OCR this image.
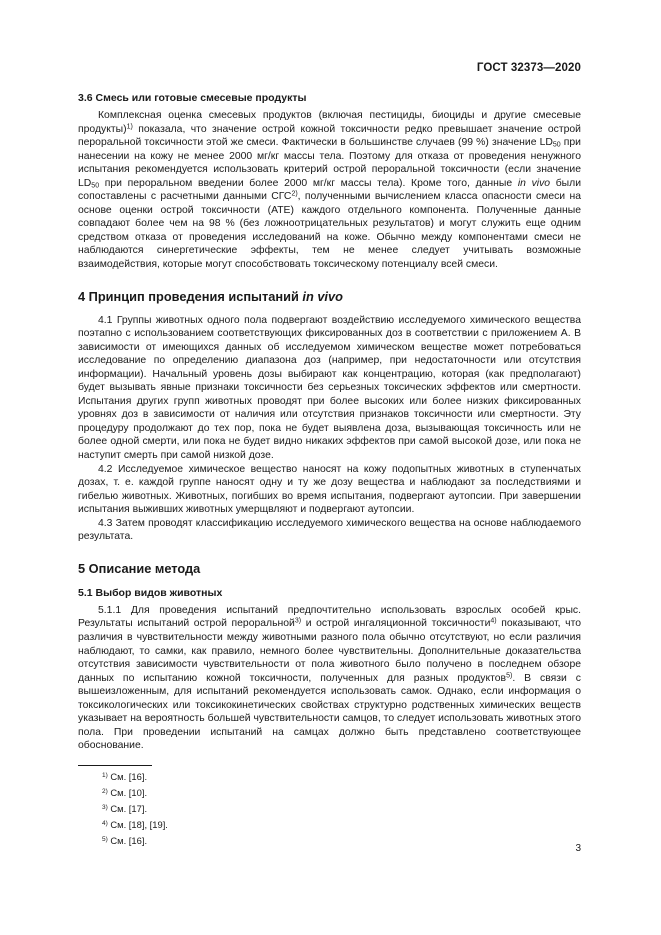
ГОСТ 32373—2020
3.6 Смесь или готовые смесевые продукты

Комплексная оценка смесевых продуктов (включая пестициды, биоциды и другие смесевые продукты)$^{1)}$ показала, что значение острой кожной токсичности редко превышает значение острой пероральной токсичности этой же смеси. Фактически в большинстве случаев (99 %) значение $LD_{50}$ при нанесении на кожу не менее 2000 мг/кг массы тела. Поэтому для отказа от проведения ненужного испытания рекомендуется использовать критерий острой пероральной токсичности (если значение $LD_{50}$ при пероральном введении более 2000 мг/кг массы тела). Кроме того, данные in vivo были сопоставлены с расчетными данными СГС$^{2)}$, полученными вычислением класса опасности смеси на основе оценки острой токсичности (АТЕ) каждого отдельного компонента. Полученные данные совпадают более чем на 98 % (без ложноотрицательных результатов) и могут служить еще одним средством отказа от проведения исследований на коже. Обычно между компонентами смеси не наблюдаются синергетические эффекты, тем не менее следует учитывать возможные взаимодействия, которые могут способствовать токсическому потенциалу всей смеси.

4 Принцип проведения испытаний in vivo

4.1 Группы животных одного пола подвергают воздействию исследуемого химического вещества поэтапно с использованием соответствующих фиксированных доз в соответствии с приложением А. В зависимости от имеющихся данных об исследуемом химическом веществе может потребоваться исследование по определению диапазона доз (например, при недостаточности или отсутствия информации). Начальный уровень дозы выбирают как концентрацию, которая (как предполагают) будет вызывать явные признаки токсичности без серьезных токсических эффектов или смертности. Испытания других групп животных проводят при более высоких или более низких фиксированных уровнях доз в зависимости от наличия или отсутствия признаков токсичности или смертности. Эту процедуру продолжают до тех пор, пока не будет выявлена доза, вызывающая токсичность или не более одной смерти, или пока не будет видно никаких эффектов при самой высокой дозе, или пока не наступит смерть при самой низкой дозе.

4.2 Исследуемое химическое вещество наносят на кожу подопытных животных в ступенчатых дозах, т. е. каждой группе наносят одну и ту же дозу вещества и наблюдают за последствиями и гибелью животных. Животных, погибших во время испытания, подвергают аутопсии. При завершении испытания выживших животных умерщвляют и подвергают аутопсии.

4.3 Затем проводят классификацию исследуемого химического вещества на основе наблюдаемого результата.

5 Описание метода
5.1 Выбор видов животных

5.1.1 Для проведения испытаний предпочтительно использовать взрослых особей крыс. Результаты испытаний острой пероральной$^{3)}$ и острой ингаляционной токсичности$^{4)}$ показывают, что различия в чувствительности между животными разного пола обычно отсутствуют, но если различия наблюдают, то самки, как правило, немного более чувствительны. Дополнительные доказательства отсутствия зависимости чувствительности от пола животного было получено в последнем обзоре данных по испытанию кожной токсичности, полученных для разных продуктов$^{5)}$. В связи с вышеизложенным, для испытаний рекомендуется использовать самок. Однако, если информация о токсикологических или токсикокинетических свойствах структурно родственных химических веществ указывает на вероятность большей чувствительности самцов, то следует использовать животных этого пола. При проведении испытаний на самцах должно быть представлено соответствующее обоснование.

$^{1)}$ См. [16].
$^{2)}$ См. [10].
$^{3)}$ См. [17].
$^{4)}$ См. [18], [19].
$^{5)}$ См. [16].
3
